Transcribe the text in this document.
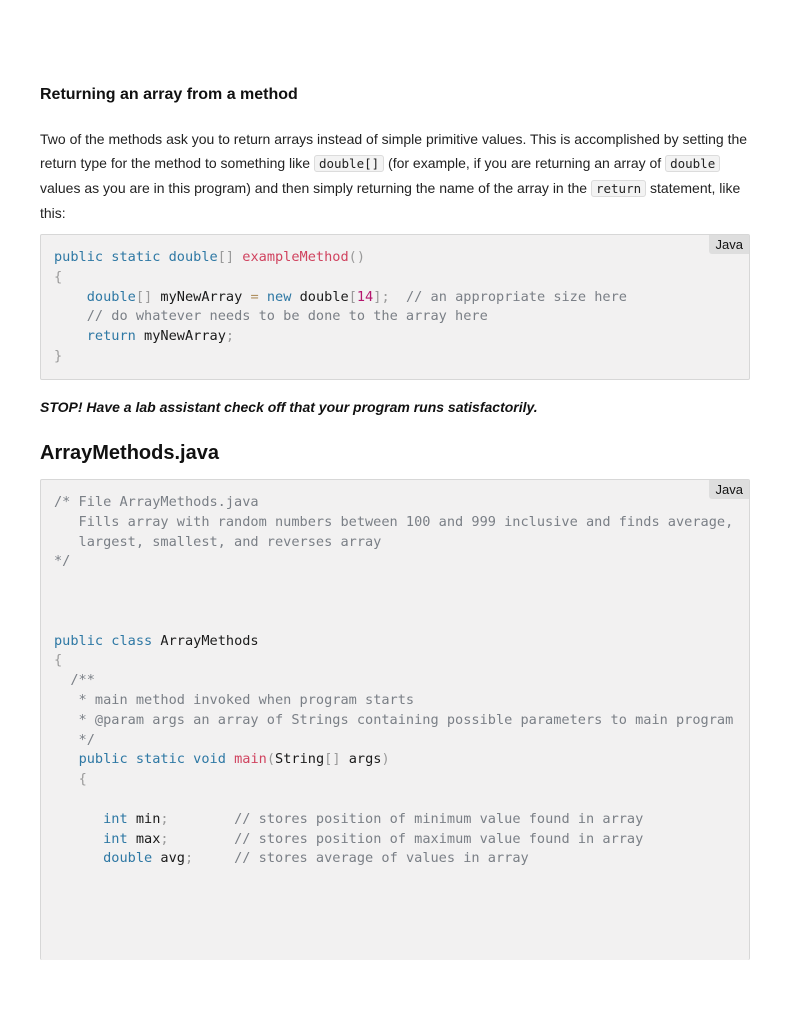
Returning an array from a method

Two of the methods ask you to return arrays instead of simple primitive values. This is accomplished by setting the return type for the method to something like double[] (for example, if you are returning an array of double values as you are in this program) and then simply returning the name of the array in the return statement, like this:

Java
public static double[] exampleMethod()
{
double[] myNewArray = new double[14]; // an appropriate size here
// do whatever needs to be done to the array here
return myNewArray;
}

STOP! Have a lab assistant check off that your program runs satisfactorily.

ArrayMethods.java
Java
/* File ArrayMethods.java
Fills array with random numbers between 100 and 999 inclusive and finds average,
largest, smallest, and reverses array
*/

public class ArrayMethods
{
/**
* main method invoked when program starts
* @param args an array of Strings containing possible parameters to main program
*/
public static void main(String[] args)
{

int min;	// stores position of minimum value found in array
int max;	// stores position of maximum value found in array
double avg;	// stores average of values in array
